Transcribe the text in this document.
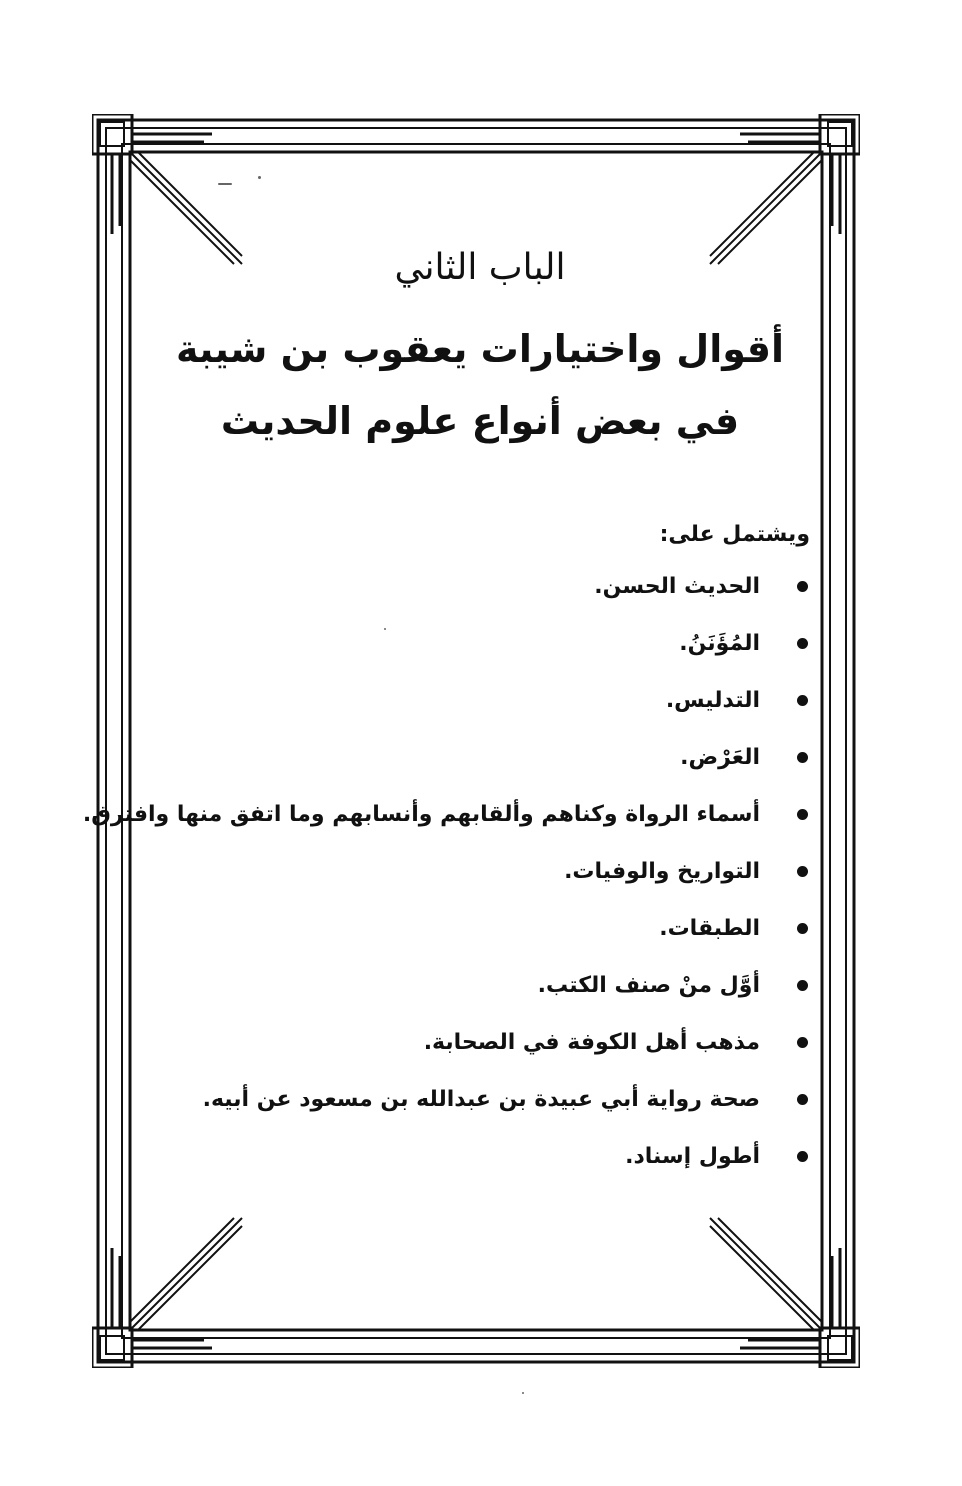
الباب الثاني
أقوال واختيارات يعقوب بن شيبة
في بعض أنواع علوم الحديث
ويشتمل على:
الحديث الحسن.
المُؤَنَنُ.
التدليس.
العَرْض.
أسماء الرواة وكناهم وألقابهم وأنسابهم وما اتفق منها وافترق.
التواريخ والوفيات.
الطبقات.
أوَّل منْ صنف الكتب.
مذهب أهل الكوفة في الصحابة.
صحة رواية أبي عبيدة بن عبدالله بن مسعود عن أبيه.
أطول إسناد.
